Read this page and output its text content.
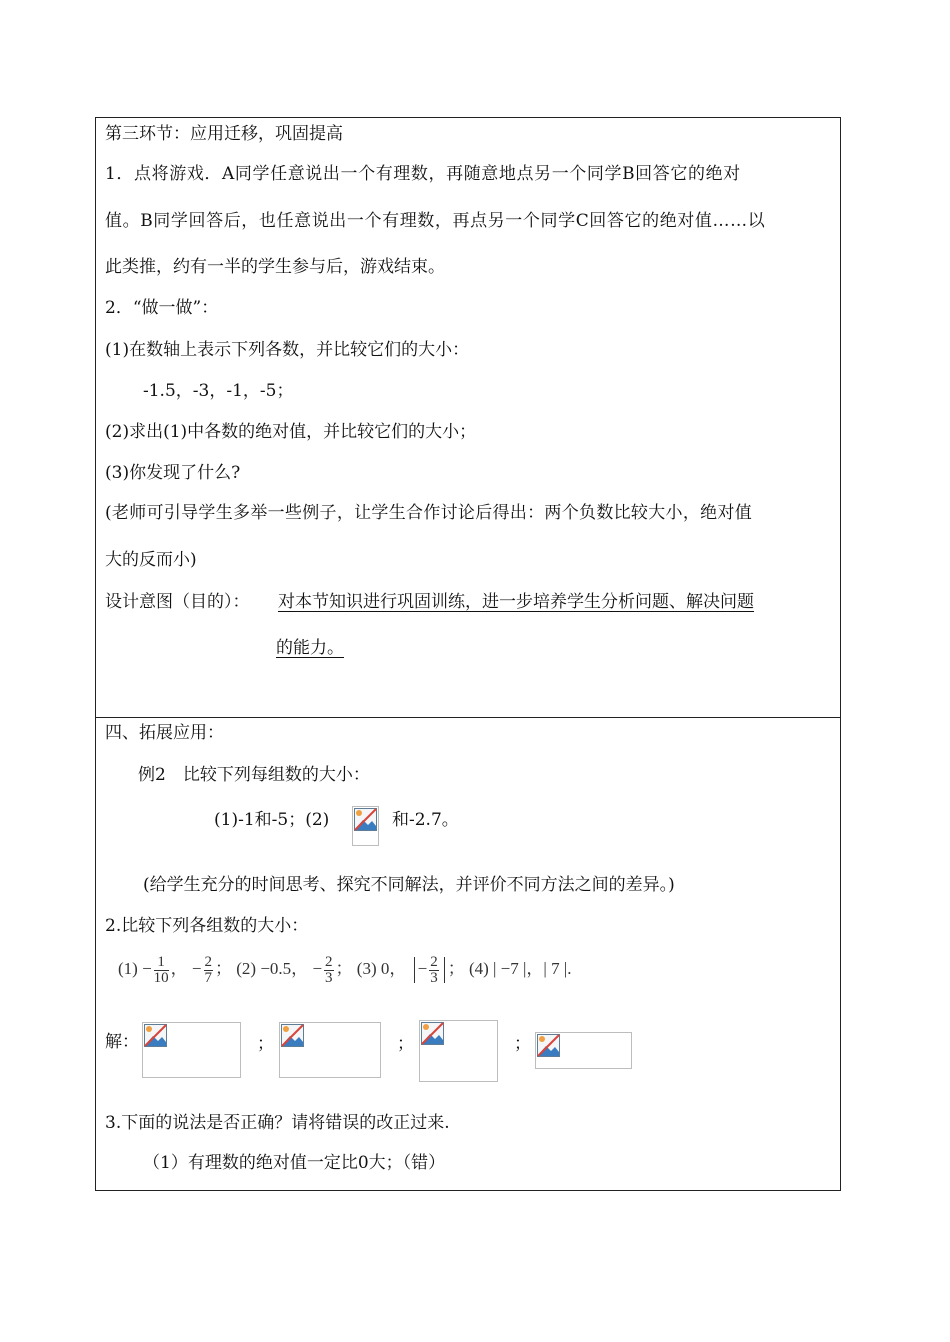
第三环节：应用迁移，巩固提高
1．点将游戏．A同学任意说出一个有理数，再随意地点另一个同学B回答它的绝对
值。B同学回答后，也任意说出一个有理数，再点另一个同学C回答它的绝对值……以
此类推，约有一半的学生参与后，游戏结束。
2．“做一做”：
(1)在数轴上表示下列各数，并比较它们的大小：
-1.5，-3，-1，-5；
(2)求出(1)中各数的绝对值，并比较它们的大小；
(3)你发现了什么?
(老师可引导学生多举一些例子，让学生合作讨论后得出：两个负数比较大小，绝对值
大的反而小)
设计意图（目的）： 对本节知识进行巩固训练，进一步培养学生分析问题、解决问题
的能力。
四、拓展应用：
例2　比较下列每组数的大小：
(1)-1和-5；(2)	和-2.7。
(给学生充分的时间思考、探究不同解法，并评价不同方法之间的差异。)
2.比较下列各组数的大小：
$(1) - \frac{1}{10}$ ， − $\frac{2}{7}$ ； (2) −0.5， − $\frac{2}{3}$ ； (3) 0， − $\frac{2}{3}$ ； (4) | −7 |，| 7 |.
解：	；	；	；
3.下面的说法是否正确？请将错误的改正过来.
（1）有理数的绝对值一定比0大；（错）
